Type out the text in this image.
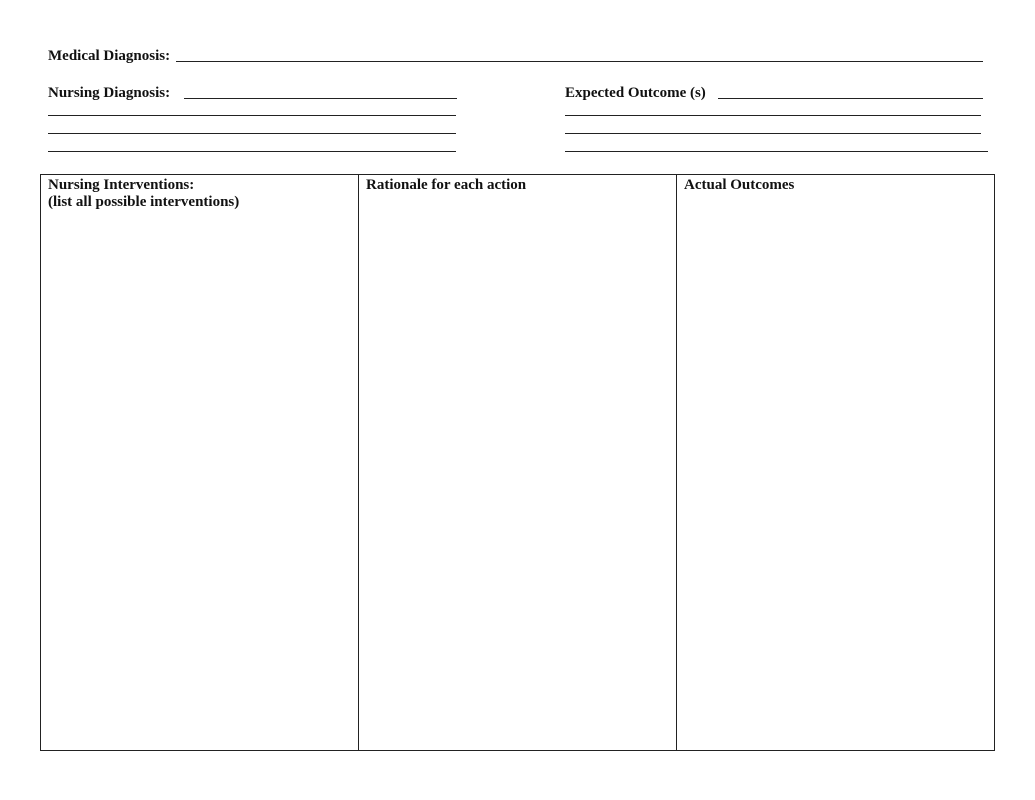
Medical Diagnosis:
Nursing Diagnosis:	Expected Outcome (s)
Nursing Interventions:
(list all possible interventions)
Rationale for each action	Actual Outcomes
